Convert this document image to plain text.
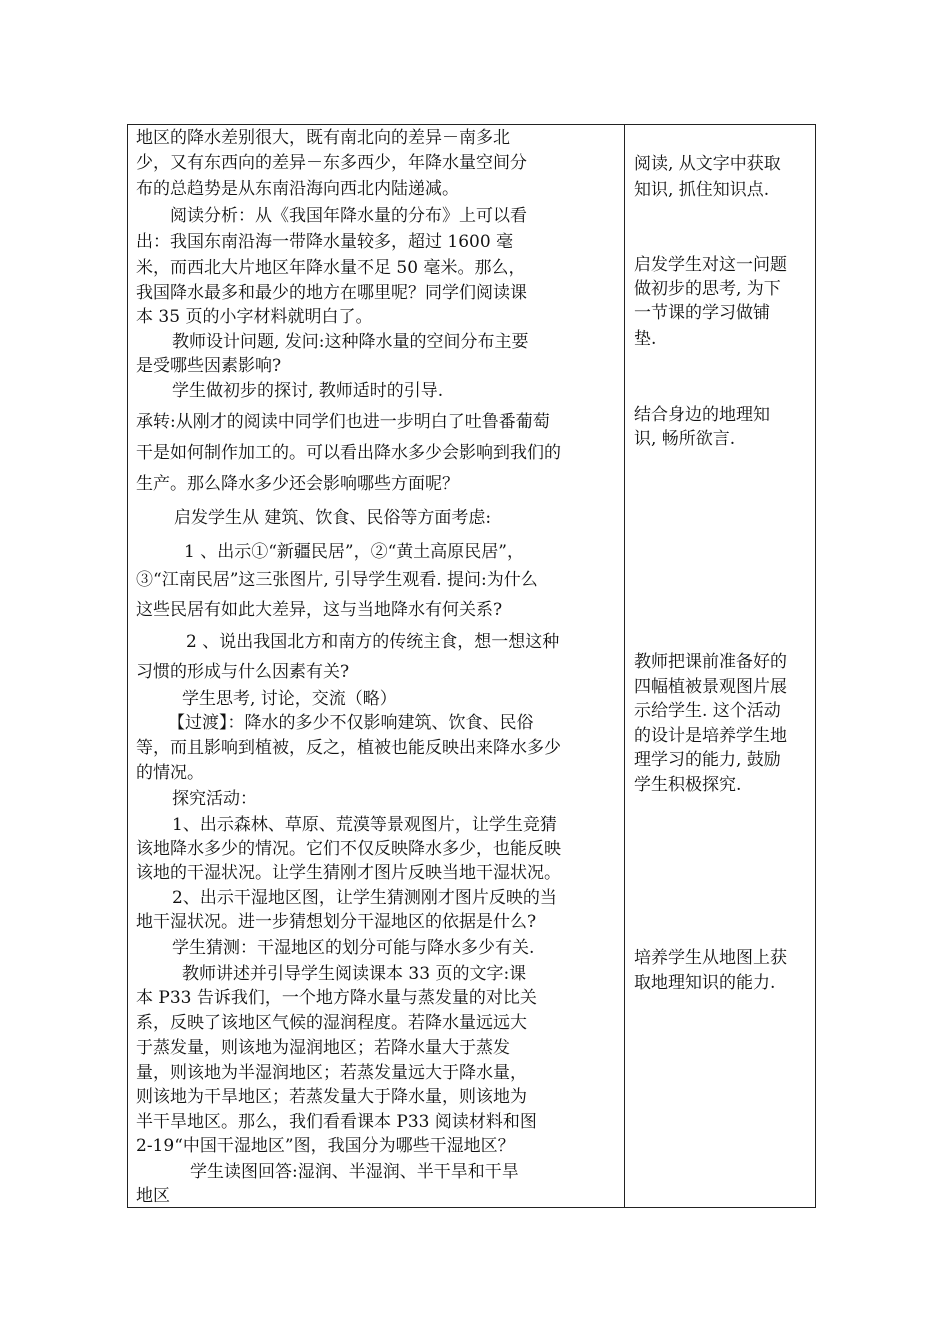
地区的降水差别很大，既有南北向的差异－南多北
少，又有东西向的差异－东多西少，年降水量空间分
布的总趋势是从东南沿海向西北内陆递减。
阅读分析：从《我国年降水量的分布》上可以看
出：我国东南沿海一带降水量较多，超过 1600 毫
米，而西北大片地区年降水量不足 50 毫米。那么，
我国降水最多和最少的地方在哪里呢？同学们阅读课
本 35 页的小字材料就明白了。
教师设计问题, 发问:这种降水量的空间分布主要
是受哪些因素影响?
学生做初步的探讨, 教师适时的引导.
承转:从刚才的阅读中同学们也进一步明白了吐鲁番葡萄
干是如何制作加工的。可以看出降水多少会影响到我们的
生产。那么降水多少还会影响哪些方面呢？
启发学生从 建筑、饮食、民俗等方面考虑:
1 、出示①“新疆民居”，②“黄土高原民居”，
③“江南民居”这三张图片, 引导学生观看. 提问:为什么
这些民居有如此大差异，这与当地降水有何关系?
2 、说出我国北方和南方的传统主食，想一想这种
习惯的形成与什么因素有关?
学生思考, 讨论，交流（略）
【过渡】：降水的多少不仅影响建筑、饮食、民俗
等，而且影响到植被，反之，植被也能反映出来降水多少
的情况。
探究活动：
1、出示森林、草原、荒漠等景观图片，让学生竞猜
该地降水多少的情况。它们不仅反映降水多少，也能反映
该地的干湿状况。让学生猜刚才图片反映当地干湿状况。
2、出示干湿地区图，让学生猜测刚才图片反映的当
地干湿状况。进一步猜想划分干湿地区的依据是什么?
学生猜测：干湿地区的划分可能与降水多少有关.
教师讲述并引导学生阅读课本 33 页的文字:课
本 P33 告诉我们，一个地方降水量与蒸发量的对比关
系，反映了该地区气候的湿润程度。若降水量远远大
于蒸发量，则该地为湿润地区；若降水量大于蒸发
量，则该地为半湿润地区；若蒸发量远大于降水量，
则该地为干旱地区；若蒸发量大于降水量，则该地为
半干旱地区。那么，我们看看课本 P33 阅读材料和图
2-19“中国干湿地区”图，我国分为哪些干湿地区？
学生读图回答:湿润、半湿润、半干旱和干旱
地区
阅读, 从文字中获取
知识, 抓住知识点.
启发学生对这一问题
做初步的思考, 为下
一节课的学习做铺
垫.
结合身边的地理知
识, 畅所欲言.
教师把课前准备好的
四幅植被景观图片展
示给学生. 这个活动
的设计是培养学生地
理学习的能力, 鼓励
学生积极探究.
培养学生从地图上获
取地理知识的能力.
